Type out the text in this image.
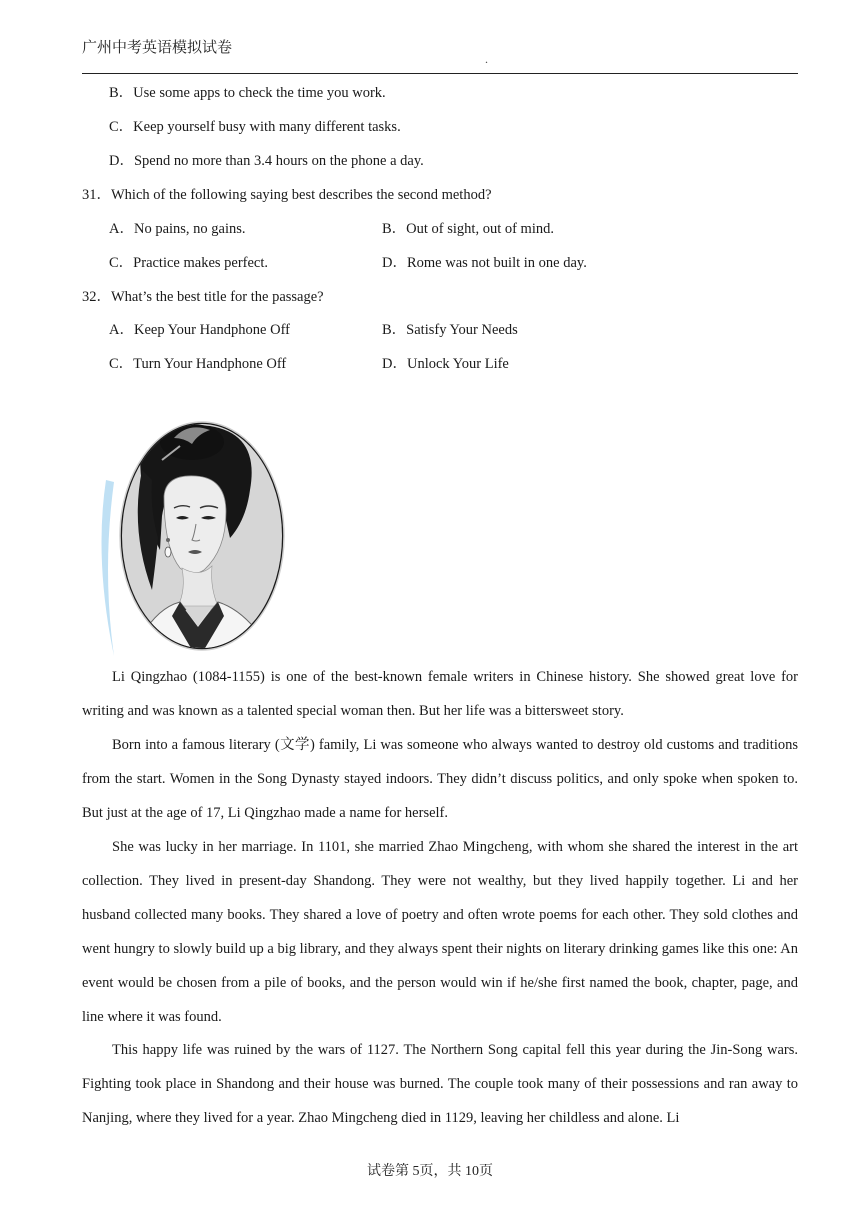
广州中考英语模拟试卷
.
B．Use some apps to check the time you work.
C．Keep yourself busy with many different tasks.
D．Spend no more than 3.4 hours on the phone a day.
31．Which of the following saying best describes the second method?
A．No pains, no gains.	B．Out of sight, out of mind.
C．Practice makes perfect.	D．Rome was not built in one day.
32．What’s the best title for the passage?
A．Keep Your Handphone Off	B．Satisfy Your Needs
C．Turn Your Handphone Off	D．Unlock Your Life

Li Qingzhao (1084-1155) is one of the best-known female writers in Chinese history. She showed great love for writing and was known as a talented special woman then. But her life was a bittersweet story.

Born into a famous literary (文学) family, Li was someone who always wanted to destroy old customs and traditions from the start. Women in the Song Dynasty stayed indoors. They didn’t discuss politics, and only spoke when spoken to. But just at the age of 17, Li Qingzhao made a name for herself.

She was lucky in her marriage. In 1101, she married Zhao Mingcheng, with whom she shared the interest in the art collection. They lived in present-day Shandong. They were not wealthy, but they lived happily together. Li and her husband collected many books. They shared a love of poetry and often wrote poems for each other. They sold clothes and went hungry to slowly build up a big library, and they always spent their nights on literary drinking games like this one: An event would be chosen from a pile of books, and the person would win if he/she first named the book, chapter, page, and line where it was found.

This happy life was ruined by the wars of 1127. The Northern Song capital fell this year during the Jin-Song wars. Fighting took place in Shandong and their house was burned. The couple took many of their possessions and ran away to Nanjing, where they lived for a year. Zhao Mingcheng died in 1129, leaving her childless and alone. Li

试卷第 5页，共 10页
